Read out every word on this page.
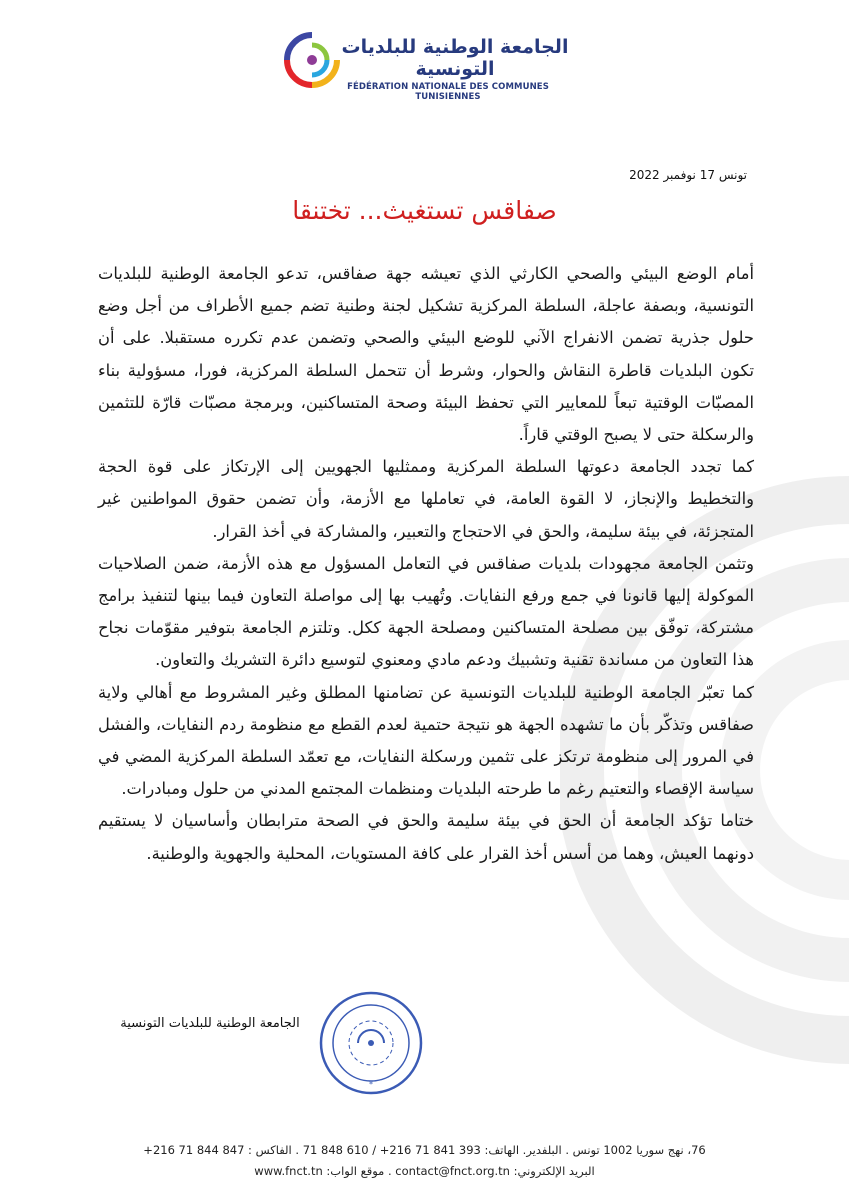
الجامعة الوطنية للبلديات التونسية
FÉDÉRATION NATIONALE DES COMMUNES TUNISIENNES
تونس 17 نوفمبر 2022
صفاقس تستغيث... تختنقا

أمام الوضع البيئي والصحي الكارثي الذي تعيشه جهة صفاقس، تدعو الجامعة الوطنية للبلديات التونسية، وبصفة عاجلة، السلطة المركزية تشكيل لجنة وطنية تضم جميع الأطراف من أجل وضع حلول جذرية تضمن الانفراج الآني للوضع البيئي والصحي وتضمن عدم تكرره مستقبلا. على أن تكون البلديات قاطرة النقاش والحوار، وشرط أن تتحمل السلطة المركزية، فورا، مسؤولية بناء المصبّات الوقتية تبعاً للمعايير التي تحفظ البيئة وصحة المتساكنين، وبرمجة مصبّات قارّة للتثمين والرسكلة حتى لا يصبح الوقتي قاراً.

كما تجدد الجامعة دعوتها السلطة المركزية وممثليها الجهويين إلى الإرتكاز على قوة الحجة والتخطيط والإنجاز، لا القوة العامة، في تعاملها مع الأزمة، وأن تضمن حقوق المواطنين غير المتجزئة، في بيئة سليمة، والحق في الاحتجاج والتعبير، والمشاركة في أخذ القرار.

وتثمن الجامعة مجهودات بلديات صفاقس في التعامل المسؤول مع هذه الأزمة، ضمن الصلاحيات الموكولة إليها قانونا في جمع ورفع النفايات. وتُهيب بها إلى مواصلة التعاون فيما بينها لتنفيذ برامج مشتركة، توفّق بين مصلحة المتساكنين ومصلحة الجهة ككل. وتلتزم الجامعة بتوفير مقوّمات نجاح هذا التعاون من مساندة تقنية وتشبيك ودعم مادي ومعنوي لتوسيع دائرة التشريك والتعاون.

كما تعبّر الجامعة الوطنية للبلديات التونسية عن تضامنها المطلق وغير المشروط مع أهالي ولاية صفاقس وتذكّر بأن ما تشهده الجهة هو نتيجة حتمية لعدم القطع مع منظومة ردم النفايات، والفشل في المرور إلى منظومة ترتكز على تثمين ورسكلة النفايات، مع تعمّد السلطة المركزية المضي في سياسة الإقصاء والتعتيم رغم ما طرحته البلديات ومنظمات المجتمع المدني من حلول ومبادرات.

ختاما تؤكد الجامعة أن الحق في بيئة سليمة والحق في الصحة مترابطان وأساسيان لا يستقيم دونهما العيش، وهما من أسس أخذ القرار على كافة المستويات، المحلية والجهوية والوطنية.

الجامعة الوطنية للبلديات التونسية
*
76، نهج سوريا 1002 تونس . البلفدير. الهاتف: 393 841 71 216+ / 610 848 71 . الفاكس : 847 844 71 216+
البريد الإلكتروني: contact@fnct.org.tn . موقع الواب: www.fnct.tn
